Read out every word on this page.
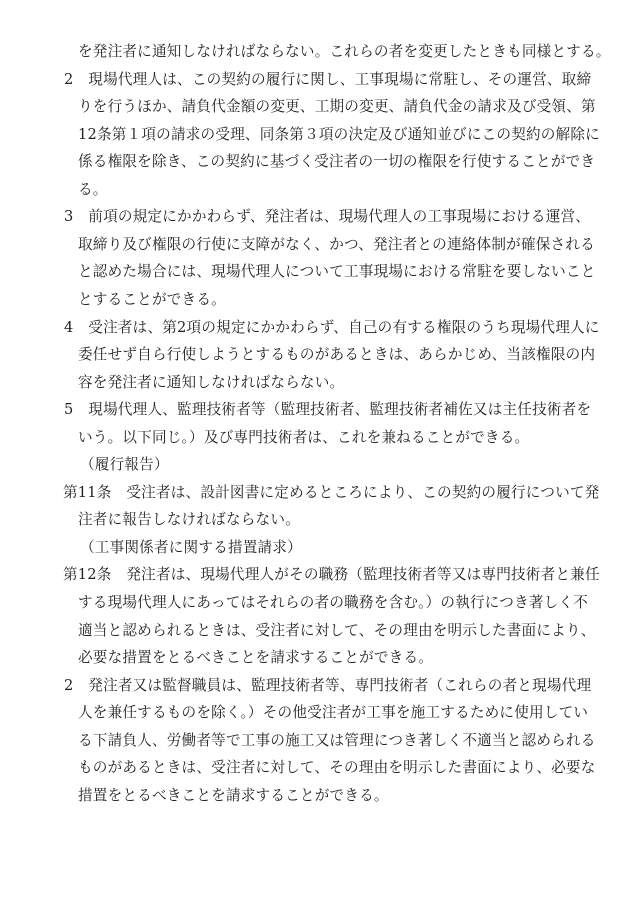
を発注者に通知しなければならない。これらの者を変更したときも同様とする。
2　現場代理人は、この契約の履行に関し、工事現場に常駐し、その運営、取締
りを行うほか、請負代金額の変更、工期の変更、請負代金の請求及び受領、第
12条第１項の請求の受理、同条第３項の決定及び通知並びにこの契約の解除に
係る権限を除き、この契約に基づく受注者の一切の権限を行使することができ
る。
3　前項の規定にかかわらず、発注者は、現場代理人の工事現場における運営、
取締り及び権限の行使に支障がなく、かつ、発注者との連絡体制が確保される
と認めた場合には、現場代理人について工事現場における常駐を要しないこと
とすることができる。
4　受注者は、第2項の規定にかかわらず、自己の有する権限のうち現場代理人に
委任せず自ら行使しようとするものがあるときは、あらかじめ、当該権限の内
容を発注者に通知しなければならない。
5　現場代理人、監理技術者等（監理技術者、監理技術者補佐又は主任技術者を
いう。以下同じ。）及び専門技術者は、これを兼ねることができる。
（履行報告）
第11条　受注者は、設計図書に定めるところにより、この契約の履行について発
注者に報告しなければならない。
（工事関係者に関する措置請求）
第12条　発注者は、現場代理人がその職務（監理技術者等又は専門技術者と兼任
する現場代理人にあってはそれらの者の職務を含む。）の執行につき著しく不
適当と認められるときは、受注者に対して、その理由を明示した書面により、
必要な措置をとるべきことを請求することができる。
2　発注者又は監督職員は、監理技術者等、専門技術者（これらの者と現場代理
人を兼任するものを除く。）その他受注者が工事を施工するために使用してい
る下請負人、労働者等で工事の施工又は管理につき著しく不適当と認められる
ものがあるときは、受注者に対して、その理由を明示した書面により、必要な
措置をとるべきことを請求することができる。
